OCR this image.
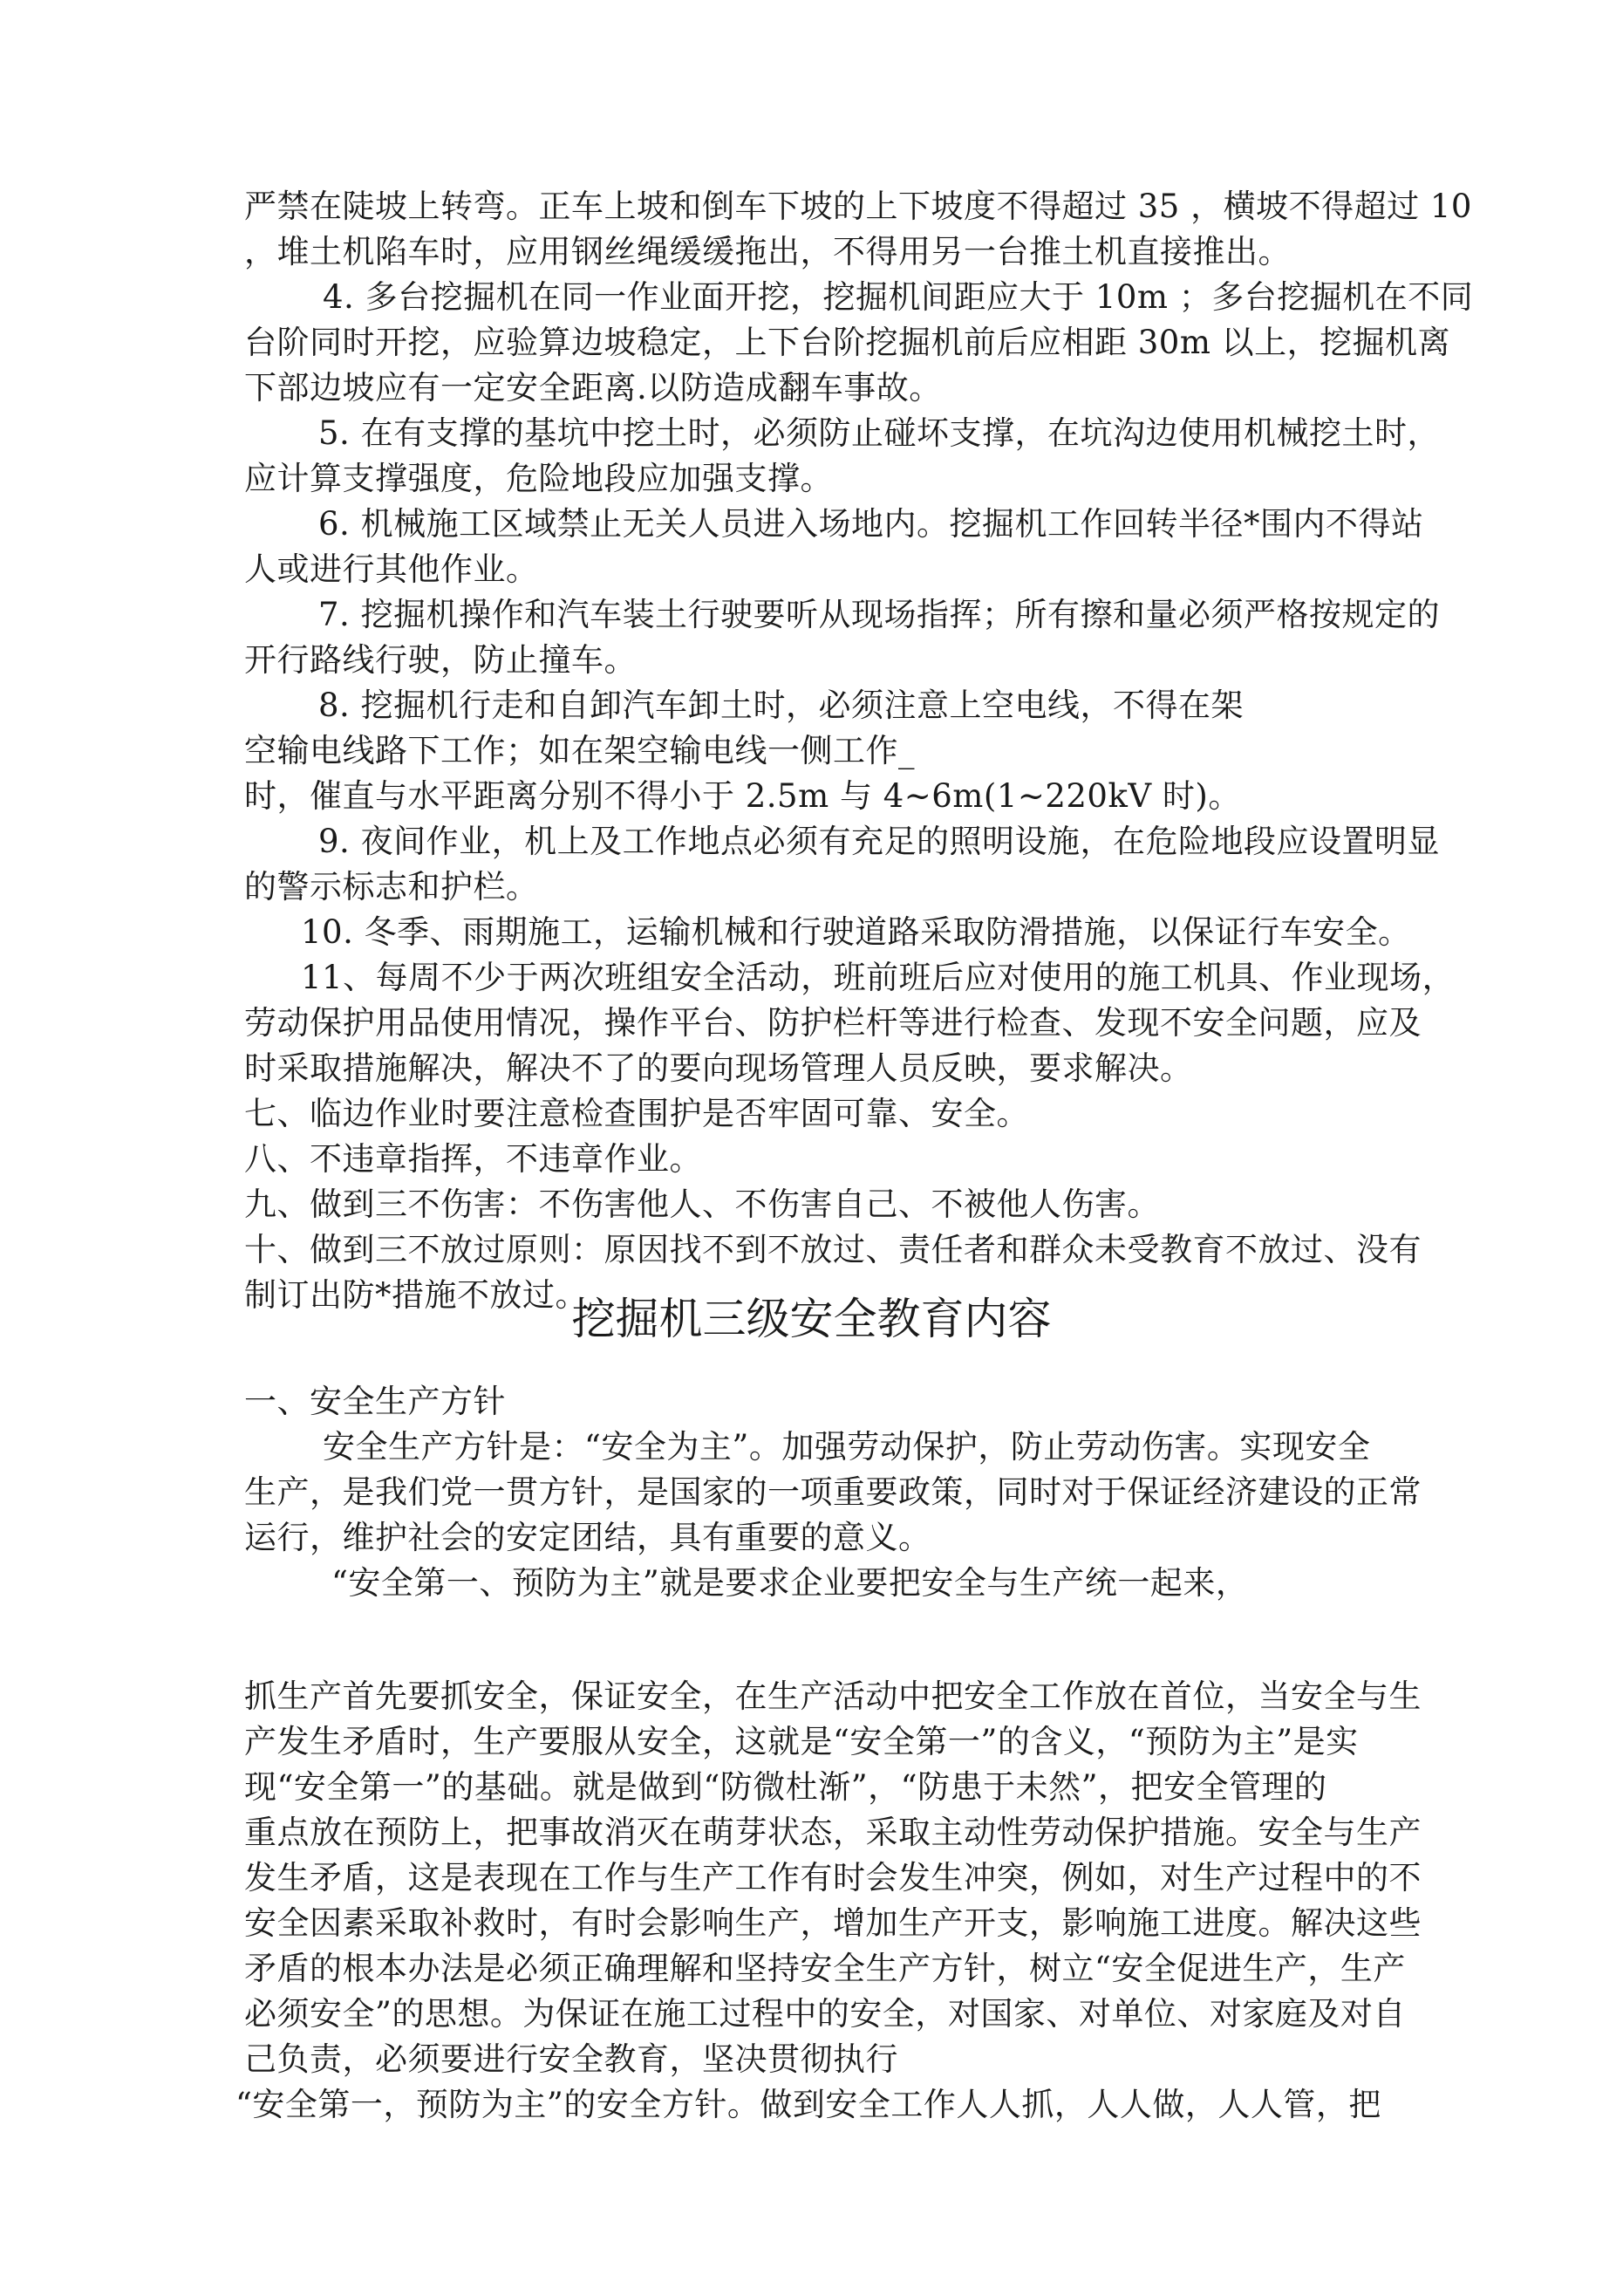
严禁在陡坡上转弯。正车上坡和倒车下坡的上下坡度不得超过 35 ，横坡不得超过 10
，堆土机陷车时，应用钢丝绳缓缓拖出，不得用另一台推土机直接推出。
4. 多台挖掘机在同一作业面开挖，挖掘机间距应大于 10m ；多台挖掘机在不同
台阶同时开挖，应验算边坡稳定，上下台阶挖掘机前后应相距 30m 以上，挖掘机离
下部边坡应有一定安全距离.以防造成翻车事故。
5. 在有支撑的基坑中挖土时，必须防止碰坏支撑，在坑沟边使用机械挖土时，
应计算支撑强度，危险地段应加强支撑。
6. 机械施工区域禁止无关人员进入场地内。挖掘机工作回转半径*围内不得站
人或进行其他作业。
7. 挖掘机操作和汽车装土行驶要听从现场指挥；所有擦和量必须严格按规定的
开行路线行驶，防止撞车。
8. 挖掘机行走和自卸汽车卸土时，必须注意上空电线，不得在架
空输电线路下工作；如在架空输电线一侧工作_
时，催直与水平距离分别不得小于 2.5m 与 4~6m(1~220kV 时)。
9. 夜间作业，机上及工作地点必须有充足的照明设施，在危险地段应设置明显
的警示标志和护栏。
10. 冬季、雨期施工，运输机械和行驶道路采取防滑措施，以保证行车安全。
11、每周不少于两次班组安全活动，班前班后应对使用的施工机具、作业现场，
劳动保护用品使用情况，操作平台、防护栏杆等进行检查、发现不安全问题，应及
时采取措施解决，解决不了的要向现场管理人员反映，要求解决。
七、临边作业时要注意检查围护是否牢固可靠、安全。
八、不违章指挥，不违章作业。
九、做到三不伤害：不伤害他人、不伤害自己、不被他人伤害。
十、做到三不放过原则：原因找不到不放过、责任者和群众未受教育不放过、没有
制订出防*措施不放过。
挖掘机三级安全教育内容
一、安全生产方针
安全生产方针是：“安全为主”。加强劳动保护，防止劳动伤害。实现安全
生产，是我们党一贯方针，是国家的一项重要政策，同时对于保证经济建设的正常
运行，维护社会的安定团结，具有重要的意义。
“安全第一、预防为主”就是要求企业要把安全与生产统一起来，
抓生产首先要抓安全，保证安全，在生产活动中把安全工作放在首位，当安全与生
产发生矛盾时，生产要服从安全，这就是“安全第一”的含义，“预防为主”是实
现“安全第一”的基础。就是做到“防微杜渐”，“防患于未然”，把安全管理的
重点放在预防上，把事故消灭在萌芽状态，采取主动性劳动保护措施。安全与生产
发生矛盾，这是表现在工作与生产工作有时会发生冲突，例如，对生产过程中的不
安全因素采取补救时，有时会影响生产，增加生产开支，影响施工进度。解决这些
矛盾的根本办法是必须正确理解和坚持安全生产方针，树立“安全促进生产，生产
必须安全”的思想。为保证在施工过程中的安全，对国家、对单位、对家庭及对自
己负责，必须要进行安全教育，坚决贯彻执行
“安全第一，预防为主”的安全方针。做到安全工作人人抓，人人做，人人管，把
